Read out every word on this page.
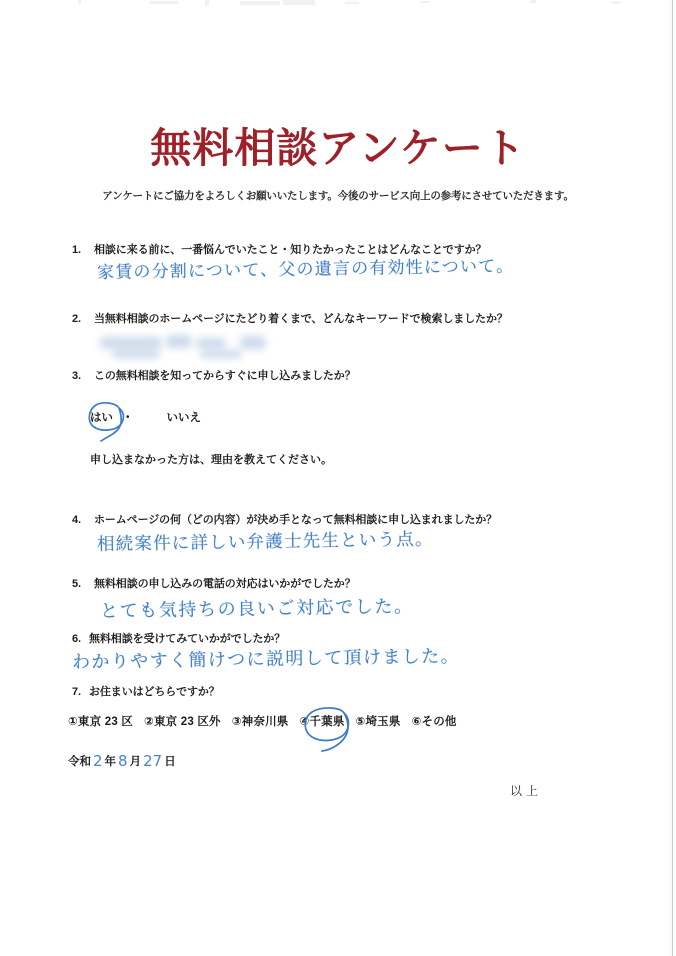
無料相談アンケート
アンケートにご協力をよろしくお願いいたします。今後のサービス向上の参考にさせていただきます。
1. 相談に来る前に、一番悩んでいたこと・知りたかったことはどんなことですか？
家賃の分割について、父の遺言の有効性について。
2. 当無料相談のホームページにたどり着くまで、どんなキーワードで検索しましたか？
3. この無料相談を知ってからすぐに申し込みましたか？
はい ・	いいえ
申し込まなかった方は、理由を教えてください。
4. ホームページの何（どの内容）が決め手となって無料相談に申し込まれましたか？
相続案件に詳しい弁護士先生という点。
5. 無料相談の申し込みの電話の対応はいかがでしたか？
とても気持ちの良いご対応でした。
6. 無料相談を受けてみていかがでしたか？
わかりやすく簡けつに説明して頂けました。
7. お住まいはどちらですか？
①東京 23 区 ②東京 23 区外 ③神奈川県 ④千葉県 ⑤埼玉県 ⑥その他
令和 2 年 8 月 27 日
以上
